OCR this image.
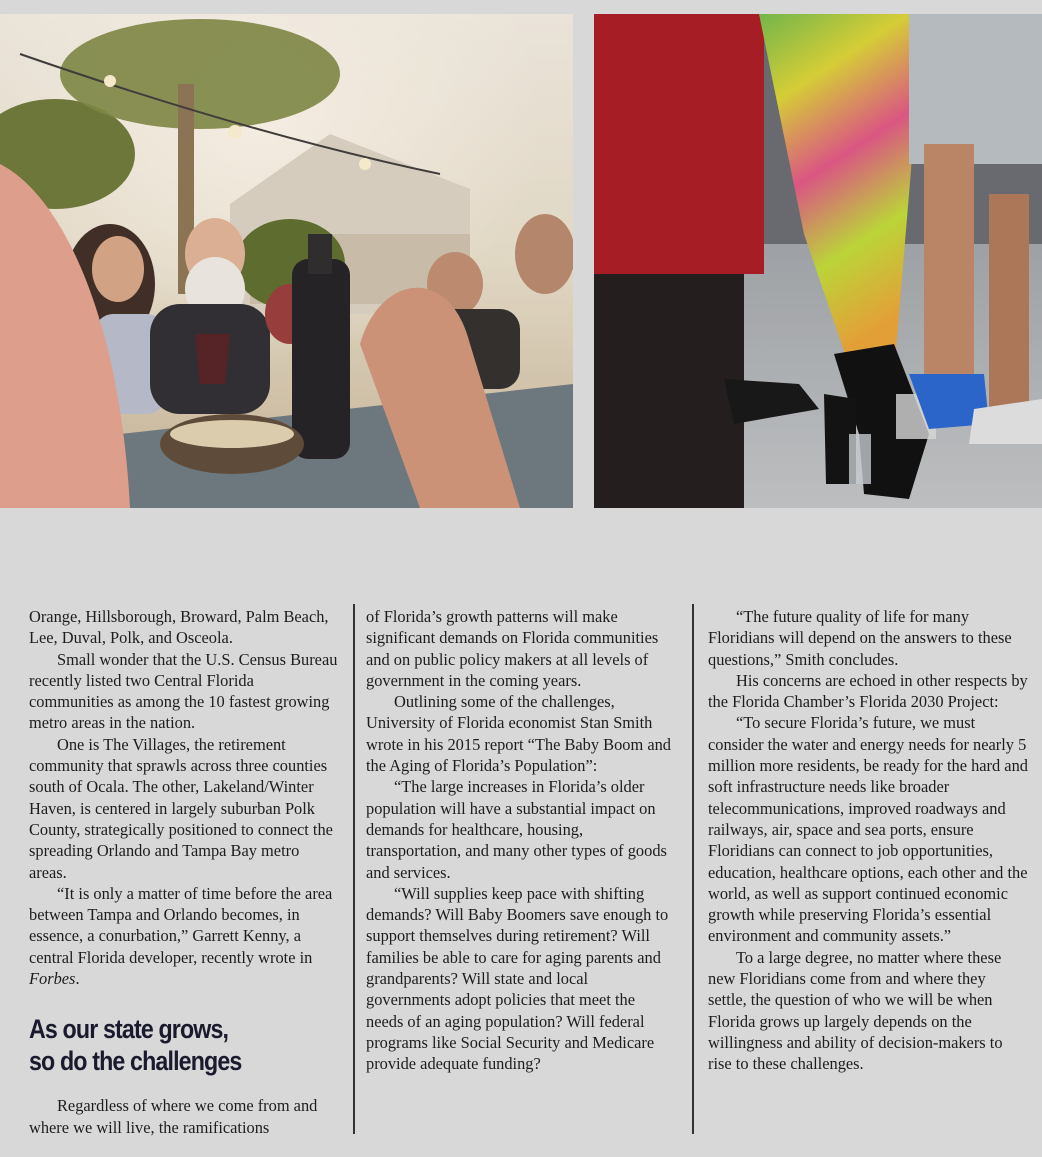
Orange, Hillsborough, Broward, Palm Beach, Lee, Duval, Polk, and Osceola.

Small wonder that the U.S. Census Bureau recently listed two Central Florida communities as among the 10 fastest growing metro areas in the nation.

One is The Villages, the retirement community that sprawls across three counties south of Ocala. The other, Lakeland/Winter Haven, is centered in largely suburban Polk County, strategically positioned to connect the spreading Orlando and Tampa Bay metro areas.

“It is only a matter of time before the area between Tampa and Orlando becomes, in essence, a conurbation,” Garrett Kenny, a central Florida developer, recently wrote in Forbes.

As our state grows,
so do the challenges

Regardless of where we come from and where we will live, the ramifications

of Florida’s growth patterns will make significant demands on Florida communities and on public policy makers at all levels of government in the coming years.

Outlining some of the challenges, University of Florida economist Stan Smith wrote in his 2015 report “The Baby Boom and the Aging of Florida’s Population”:

“The large increases in Florida’s older population will have a substantial impact on demands for healthcare, housing, transportation, and many other types of goods and services.

“Will supplies keep pace with shifting demands? Will Baby Boomers save enough to support themselves during retirement? Will families be able to care for aging parents and grandparents? Will state and local governments adopt policies that meet the needs of an aging population? Will federal programs like Social Security and Medicare provide adequate funding?

“The future quality of life for many Floridians will depend on the answers to these questions,” Smith concludes.

His concerns are echoed in other respects by the Florida Chamber’s Florida 2030 Project:

“To secure Florida’s future, we must consider the water and energy needs for nearly 5 million more residents, be ready for the hard and soft infrastructure needs like broader telecommunications, improved roadways and railways, air, space and sea ports, ensure Floridians can connect to job opportunities, education, healthcare options, each other and the world, as well as support continued economic growth while preserving Florida’s essential environment and community assets.”

To a large degree, no matter where these new Floridians come from and where they settle, the question of who we will be when Florida grows up largely depends on the willingness and ability of decision-makers to rise to these challenges.
